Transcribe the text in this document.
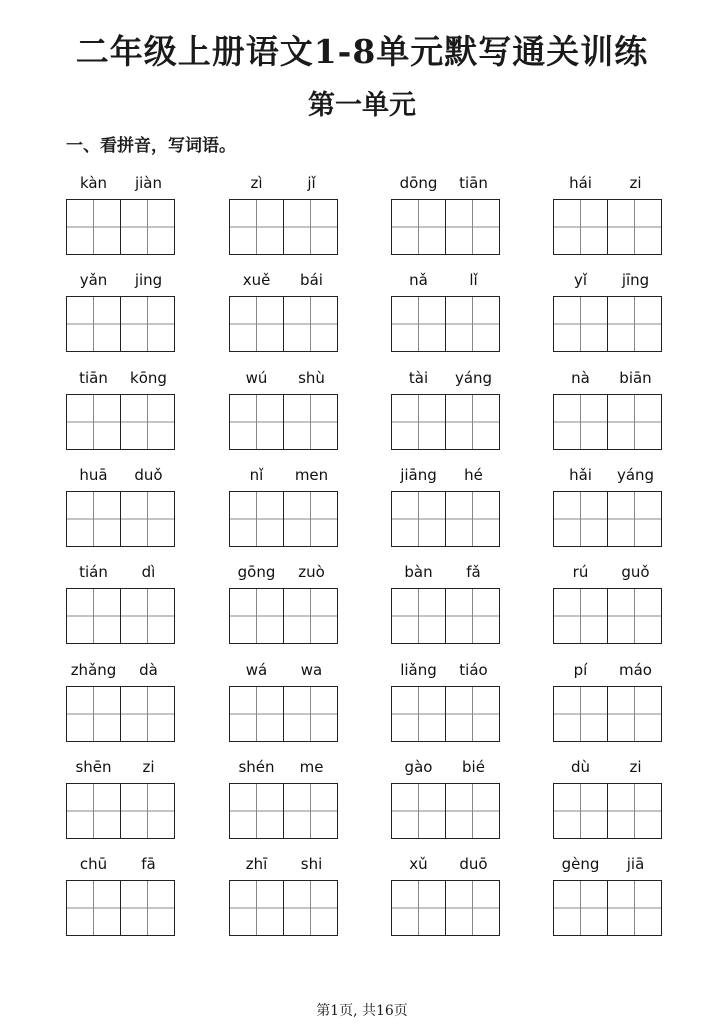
二年级上册语文1-8单元默写通关训练
第一单元
一、看拼音，写词语。
kàn	jiàn	zì	jǐ	dōng	tiān	hái	zi
yǎn	jing	xuě	bái	nǎ	lǐ	yǐ	jīng
tiān	kōng	wú	shù	tài	yáng	nà	biān
huā	duǒ	nǐ	men	jiāng	hé	hǎi	yáng
tián	dì	gōng	zuò	bàn	fǎ	rú	guǒ
zhǎng	dà	wá	wa	liǎng	tiáo	pí	máo
shēn	zi	shén	me	gào	bié	dù	zi
chū	fā	zhī	shi	xǔ	duō	gèng	jiā
第1页, 共16页
